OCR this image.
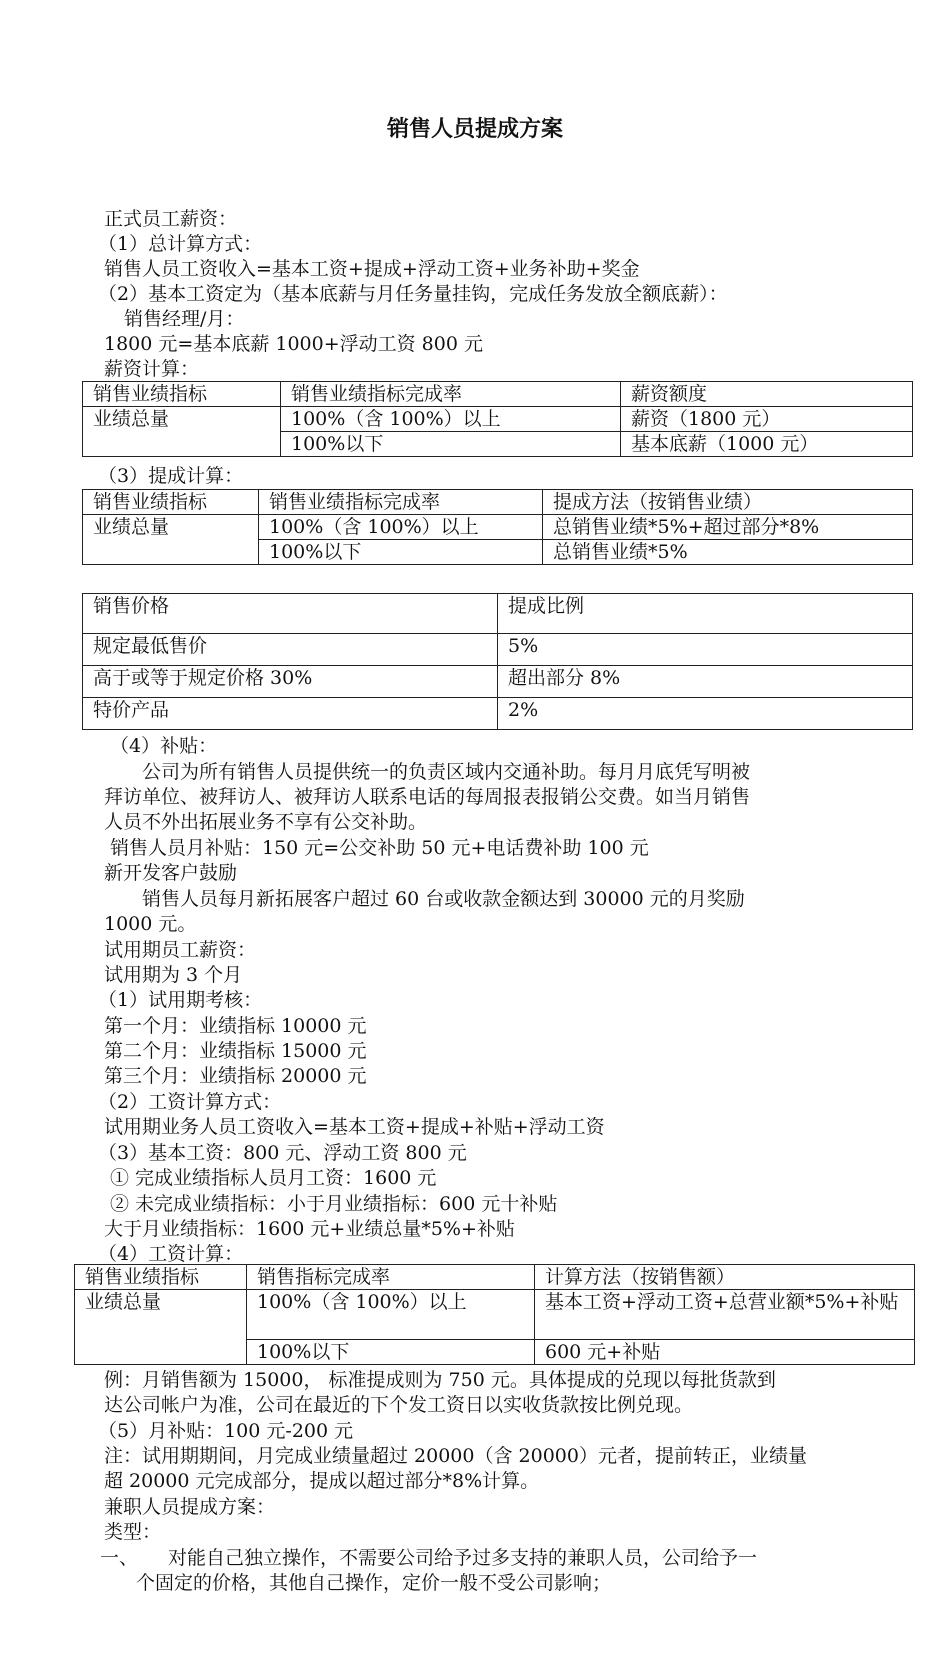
销售人员提成方案
正式员工薪资：
（1）总计算方式：
销售人员工资收入=基本工资+提成+浮动工资+业务补助+奖金
（2）基本工资定为（基本底薪与月任务量挂钩，完成任务发放全额底薪）：
销售经理/月：
1800 元=基本底薪 1000+浮动工资 800 元
薪资计算：
销售业绩指标	销售业绩指标完成率	薪资额度
业绩总量	100%（含 100%）以上	薪资（1800 元）
	100%以下	基本底薪（1000 元）
（3）提成计算：
销售业绩指标	销售业绩指标完成率	提成方法（按销售业绩）
业绩总量	100%（含 100%）以上	总销售业绩*5%+超过部分*8%
	100%以下	总销售业绩*5%
销售价格	提成比例
规定最低售价	5%
高于或等于规定价格 30%	超出部分 8%
特价产品	2%
（4）补贴：
公司为所有销售人员提供统一的负责区域内交通补助。每月月底凭写明被
拜访单位、被拜访人、被拜访人联系电话的每周报表报销公交费。如当月销售
人员不外出拓展业务不享有公交补助。
销售人员月补贴：150 元=公交补助 50 元+电话费补助 100 元
新开发客户鼓励
销售人员每月新拓展客户超过 60 台或收款金额达到 30000 元的月奖励
1000 元。
试用期员工薪资：
试用期为 3 个月
（1）试用期考核：
第一个月：业绩指标 10000 元
第二个月：业绩指标 15000 元
第三个月：业绩指标 20000 元
（2）工资计算方式：
试用期业务人员工资收入=基本工资+提成+补贴+浮动工资
（3）基本工资：800 元、浮动工资 800 元
① 完成业绩指标人员月工资：1600 元
② 未完成业绩指标：小于月业绩指标：600 元十补贴
大于月业绩指标：1600 元+业绩总量*5%+补贴
（4）工资计算：
销售业绩指标	销售指标完成率	计算方法（按销售额）
业绩总量	100%（含 100%）以上	基本工资+浮动工资+总营业额*5%+补贴
	100%以下	600 元+补贴
例：月销售额为 15000， 标准提成则为 750 元。具体提成的兑现以每批货款到
达公司帐户为准，公司在最近的下个发工资日以实收货款按比例兑现。
（5）月补贴：100 元-200 元
注：试用期期间，月完成业绩量超过 20000（含 20000）元者，提前转正，业绩量
超 20000 元完成部分，提成以超过部分*8%计算。
兼职人员提成方案：
类型：
一、 对能自己独立操作，不需要公司给予过多支持的兼职人员，公司给予一
个固定的价格，其他自己操作，定价一般不受公司影响；
